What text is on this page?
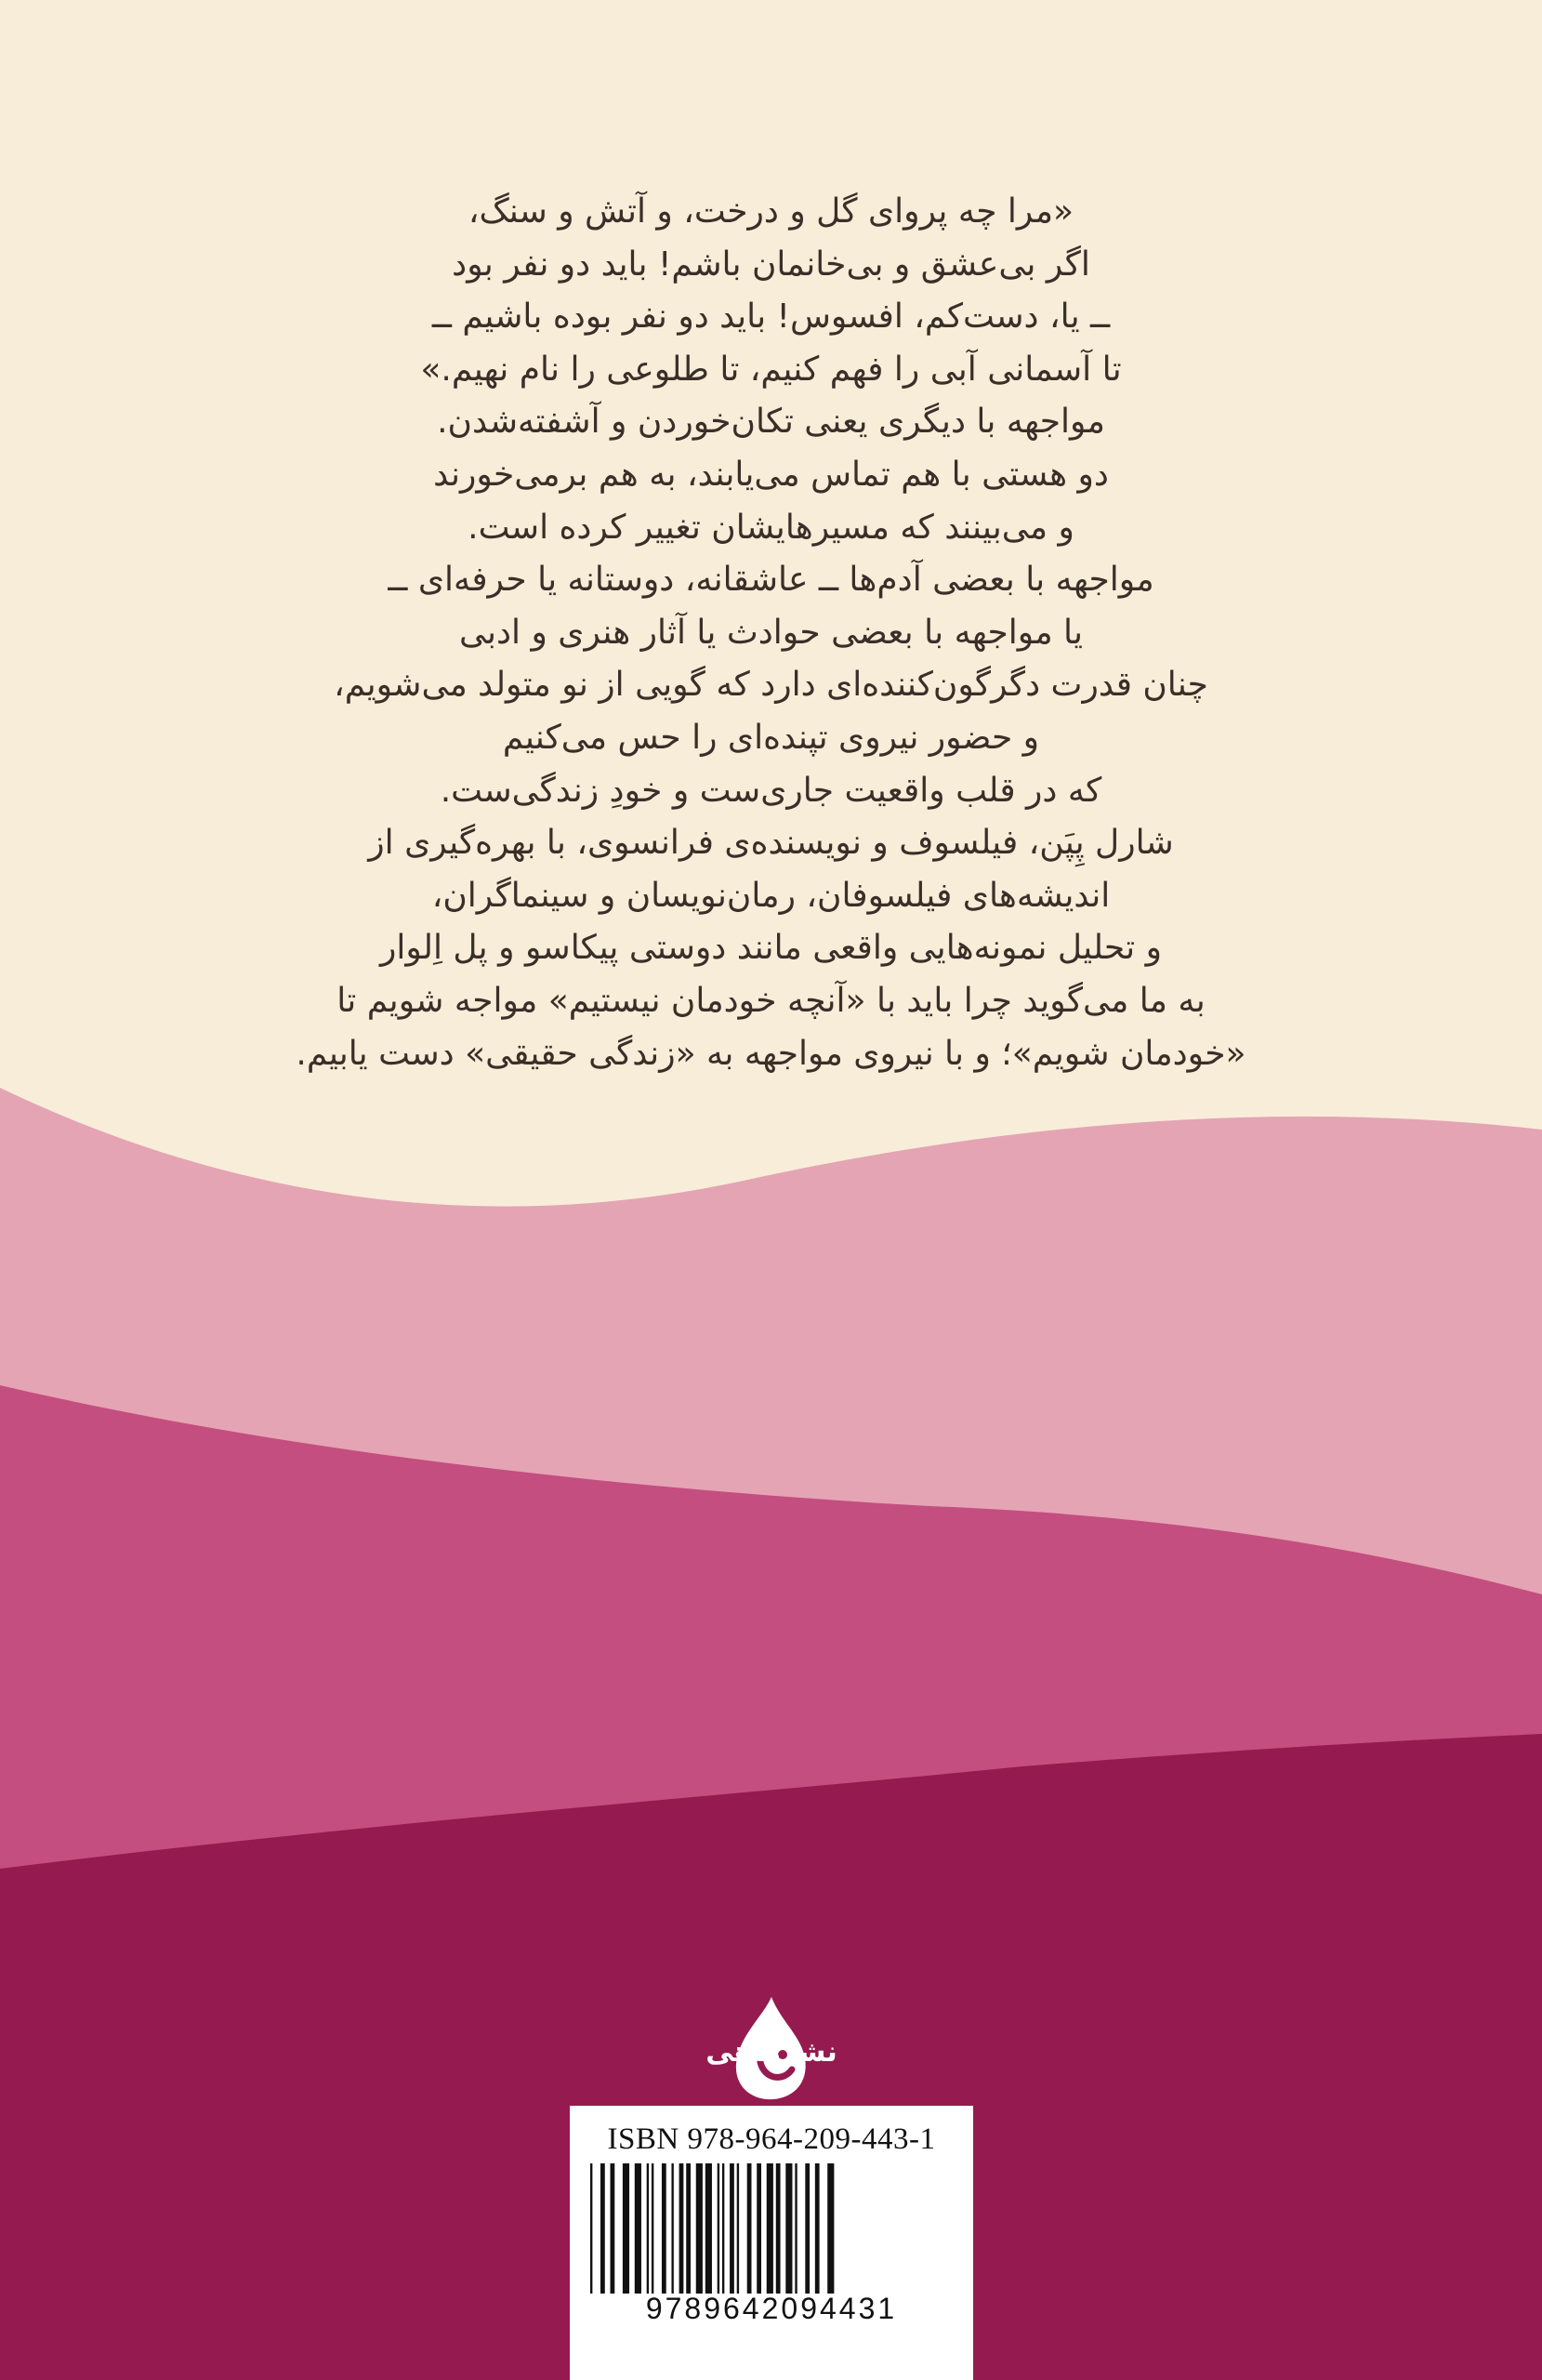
«مرا چه پروای گل و درخت، و آتش و سنگ،
اگر بی‌عشق و بی‌خانمان باشم! باید دو نفر بود
ــ یا، دست‌کم، افسوس! باید دو نفر بوده باشیم ــ
تا آسمانی آبی را فهم کنیم، تا طلوعی را نام نهیم.»
مواجهه با دیگری یعنی تکان‌خوردن و آشفته‌شدن.
دو هستی با هم تماس می‌یابند، به هم برمی‌خورند
و می‌بینند که مسیرهایشان تغییر کرده است.
مواجهه با بعضی آدم‌ها ــ عاشقانه، دوستانه یا حرفه‌ای ــ
یا مواجهه با بعضی حوادث یا آثار هنری و ادبی
چنان قدرت دگرگون‌کننده‌ای دارد که گویی از نو متولد می‌شویم،
و حضور نیروی تپنده‌ای را حس می‌کنیم
که در قلب واقعیت جاری‌ست و خودِ زندگی‌ست.
شارل پِپَن، فیلسوف و نویسنده‌ی فرانسوی، با بهره‌گیری از
اندیشه‌های فیلسوفان، رمان‌نویسان و سینماگران،
و تحلیل نمونه‌هایی واقعی مانند دوستی پیکاسو و پل اِلوار
به ما می‌گوید چرا باید با «آنچه خودمان نیستیم» مواجه شویم تا
«خودمان شویم»؛ و با نیروی مواجهه به «زندگی حقیقی» دست یابیم.
نشرماهی
ISBN 978-964-209-443-1
9789642094431
